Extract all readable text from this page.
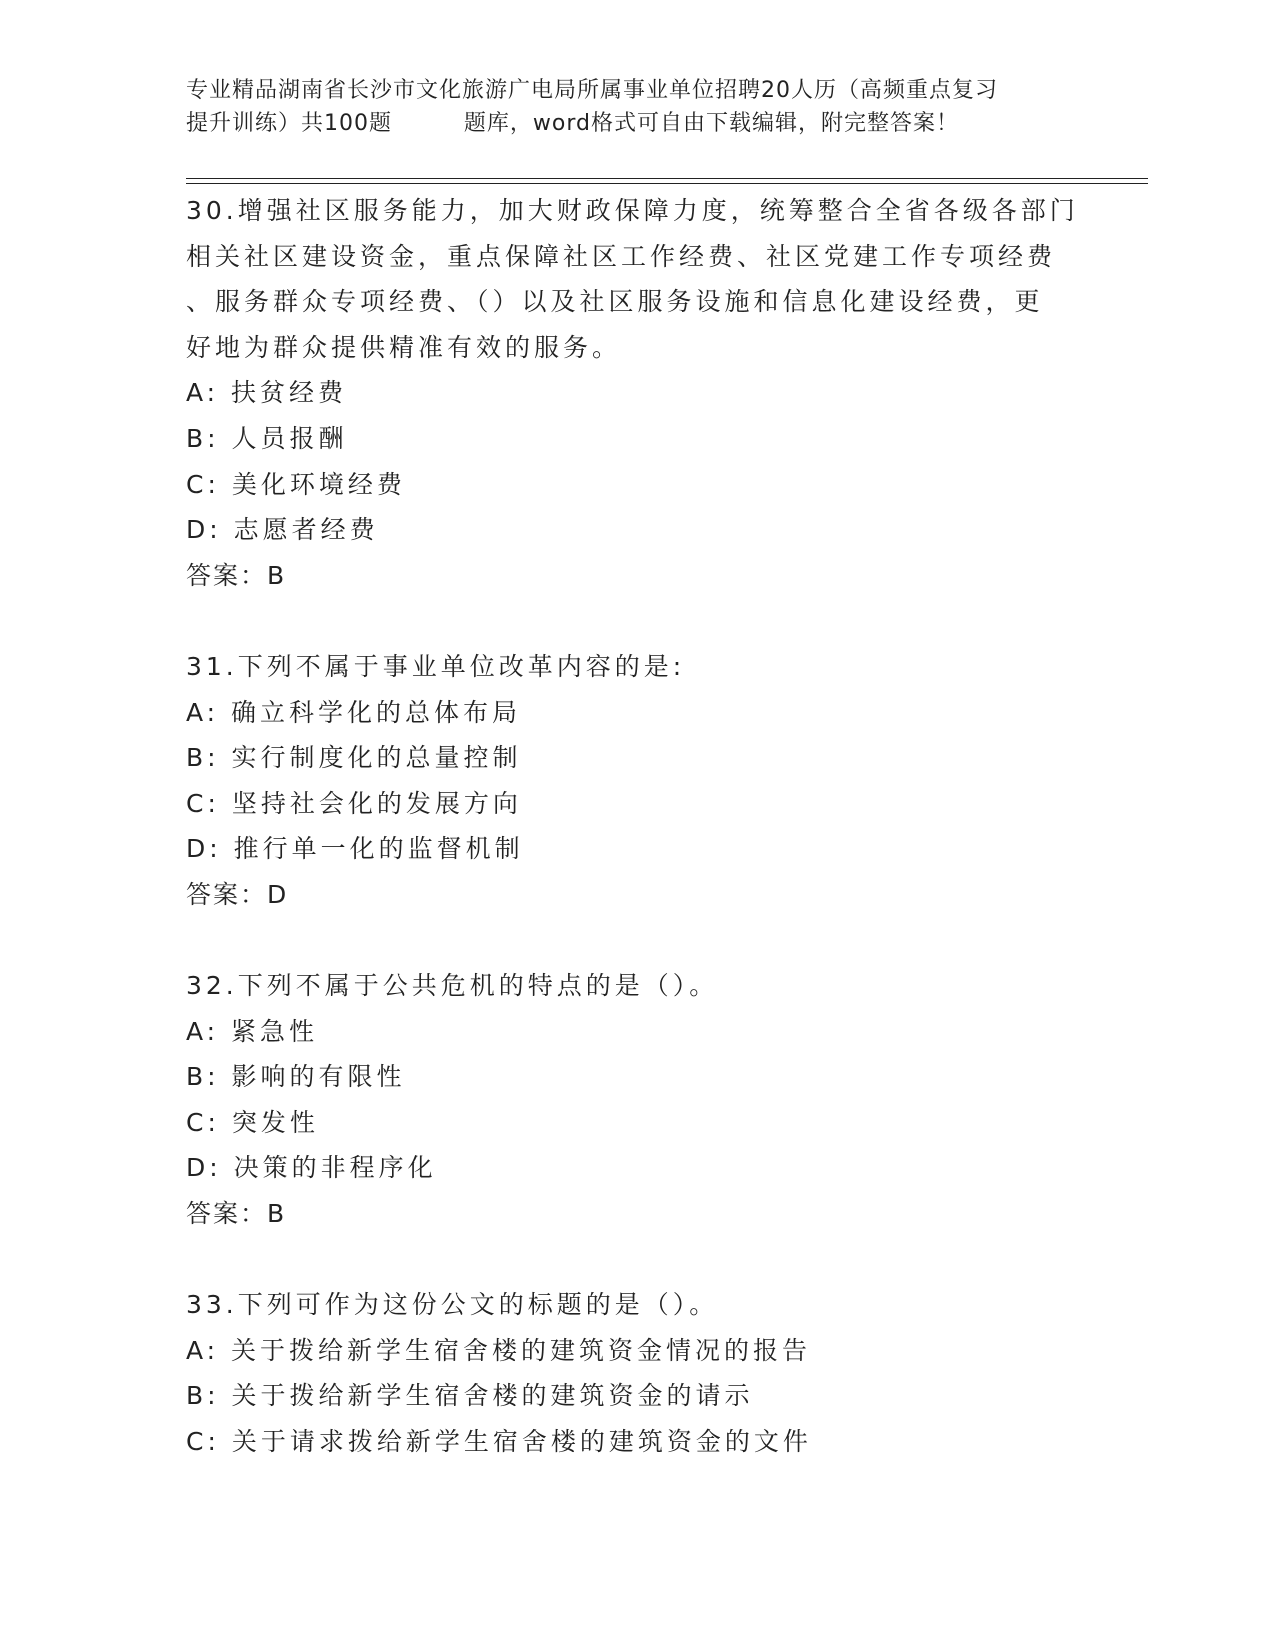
专业精品湖南省长沙市文化旅游广电局所属事业单位招聘20人历（高频重点复习
提升训练）共100题         题库，word格式可自由下载编辑，附完整答案！
30.增强社区服务能力，加大财政保障力度，统筹整合全省各级各部门
相关社区建设资金，重点保障社区工作经费、社区党建工作专项经费
、服务群众专项经费、（）以及社区服务设施和信息化建设经费，更
好地为群众提供精准有效的服务。
A: 扶贫经费
B: 人员报酬
C: 美化环境经费
D: 志愿者经费
答案：B
31.下列不属于事业单位改革内容的是:
A: 确立科学化的总体布局
B: 实行制度化的总量控制
C: 坚持社会化的发展方向
D: 推行单一化的监督机制
答案：D
32.下列不属于公共危机的特点的是（）。
A: 紧急性
B: 影响的有限性
C: 突发性
D: 决策的非程序化
答案：B
33.下列可作为这份公文的标题的是（）。
A: 关于拨给新学生宿舍楼的建筑资金情况的报告
B: 关于拨给新学生宿舍楼的建筑资金的请示
C: 关于请求拨给新学生宿舍楼的建筑资金的文件
